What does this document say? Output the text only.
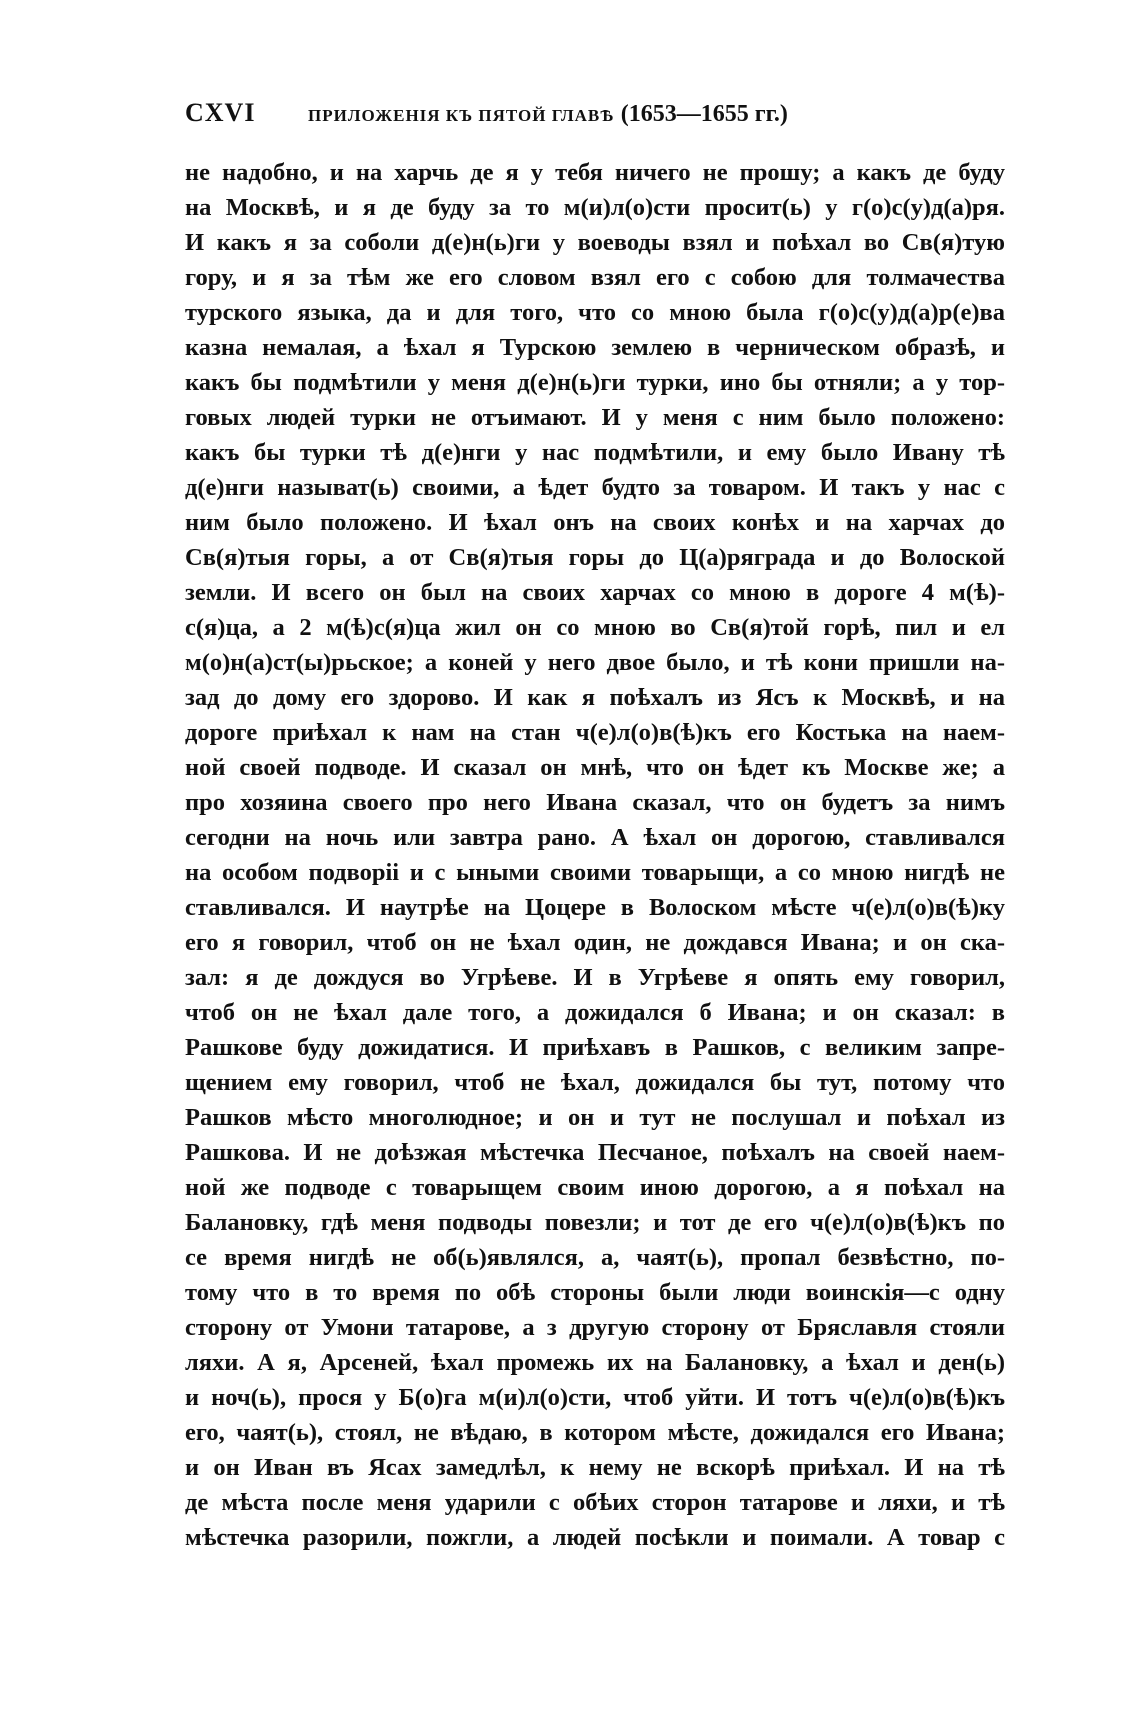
CXVI	ПРИЛОЖЕНІЯ КЪ ПЯТОЙ ГЛАВѢ (1653—1655 гг.)
не надобно, и на харчь де я у тебя ничего не прошу; а какъ де буду
на Москвѣ, и я де буду за то м(и)л(о)сти просит(ь) у г(о)с(у)д(а)ря.
И какъ я за соболи д(е)н(ь)ги у воеводы взял и поѣхал во Св(я)тую
гору, и я за тѣм же его словом взял его с собою для толмачества
турского языка, да и для того, что со мною была г(о)с(у)д(а)р(е)ва
казна немалая, а ѣхал я Турскою землею в черническом образѣ, и
какъ бы подмѣтили у меня д(е)н(ь)ги турки, ино бы отняли; а у тор-
говых людей турки не отъимают. И у меня с ним было положено:
какъ бы турки тѣ д(е)нги у нас подмѣтили, и ему было Ивану тѣ
д(е)нги называт(ь) своими, а ѣдет будто за товаром. И такъ у нас с
ним было положено. И ѣхал онъ на своих конѣх и на харчах до
Св(я)тыя горы, а от Св(я)тыя горы до Ц(а)ряграда и до Волоской
земли. И всего он был на своих харчах со мною в дороге 4 м(ѣ)-
с(я)ца, а 2 м(ѣ)с(я)ца жил он со мною во Св(я)той горѣ, пил и ел
м(о)н(а)ст(ы)рьское; а коней у него двое было, и тѣ кони пришли на-
зад до дому его здорово. И как я поѣхалъ из Ясъ к Москвѣ, и на
дороге приѣхал к нам на стан ч(е)л(о)в(ѣ)къ его Костька на наем-
ной своей подводе. И сказал он мнѣ, что он ѣдет къ Москве же; а
про хозяина своего про него Ивана сказал, что он будетъ за нимъ
сегодни на ночь или завтра рано. А ѣхал он дорогою, ставливался
на особом подворіі и с ыными своими товарыщи, а со мною нигдѣ не
ставливался. И наутрѣе на Цоцере в Волоском мѣсте ч(е)л(о)в(ѣ)ку
его я говорил, чтоб он не ѣхал один, не дождався Ивана; и он ска-
зал: я де дождуся во Угрѣеве. И в Угрѣеве я опять ему говорил,
чтоб он не ѣхал дале того, а дожидался б Ивана; и он сказал: в
Рашкове буду дожидатися. И приѣхавъ в Рашков, с великим запре-
щением ему говорил, чтоб не ѣхал, дожидался бы тут, потому что
Рашков мѣсто многолюдное; и он и тут не послушал и поѣхал из
Рашкова. И не доѣзжая мѣстечка Песчаное, поѣхалъ на своей наем-
ной же подводе с товарыщем своим иною дорогою, а я поѣхал на
Балановку, гдѣ меня подводы повезли; и тот де его ч(е)л(о)в(ѣ)къ по
се время нигдѣ не об(ь)являлся, а, чаят(ь), пропал безвѣстно, по-
тому что в то время по обѣ стороны были люди воинскія—с одну
сторону от Умони татарове, а з другую сторону от Бряславля стояли
ляхи. А я, Арсеней, ѣхал промежь их на Балановку, а ѣхал и ден(ь)
и ноч(ь), прося у Б(о)га м(и)л(о)сти, чтоб уйти. И тотъ ч(е)л(о)в(ѣ)къ
его, чаят(ь), стоял, не вѣдаю, в котором мѣсте, дожидался его Ивана;
и он Иван въ Ясах замедлѣл, к нему не вскорѣ приѣхал. И на тѣ
де мѣста после меня ударили с обѣих сторон татарове и ляхи, и тѣ
мѣстечка разорили, пожгли, а людей посѣкли и поимали. А товар с
